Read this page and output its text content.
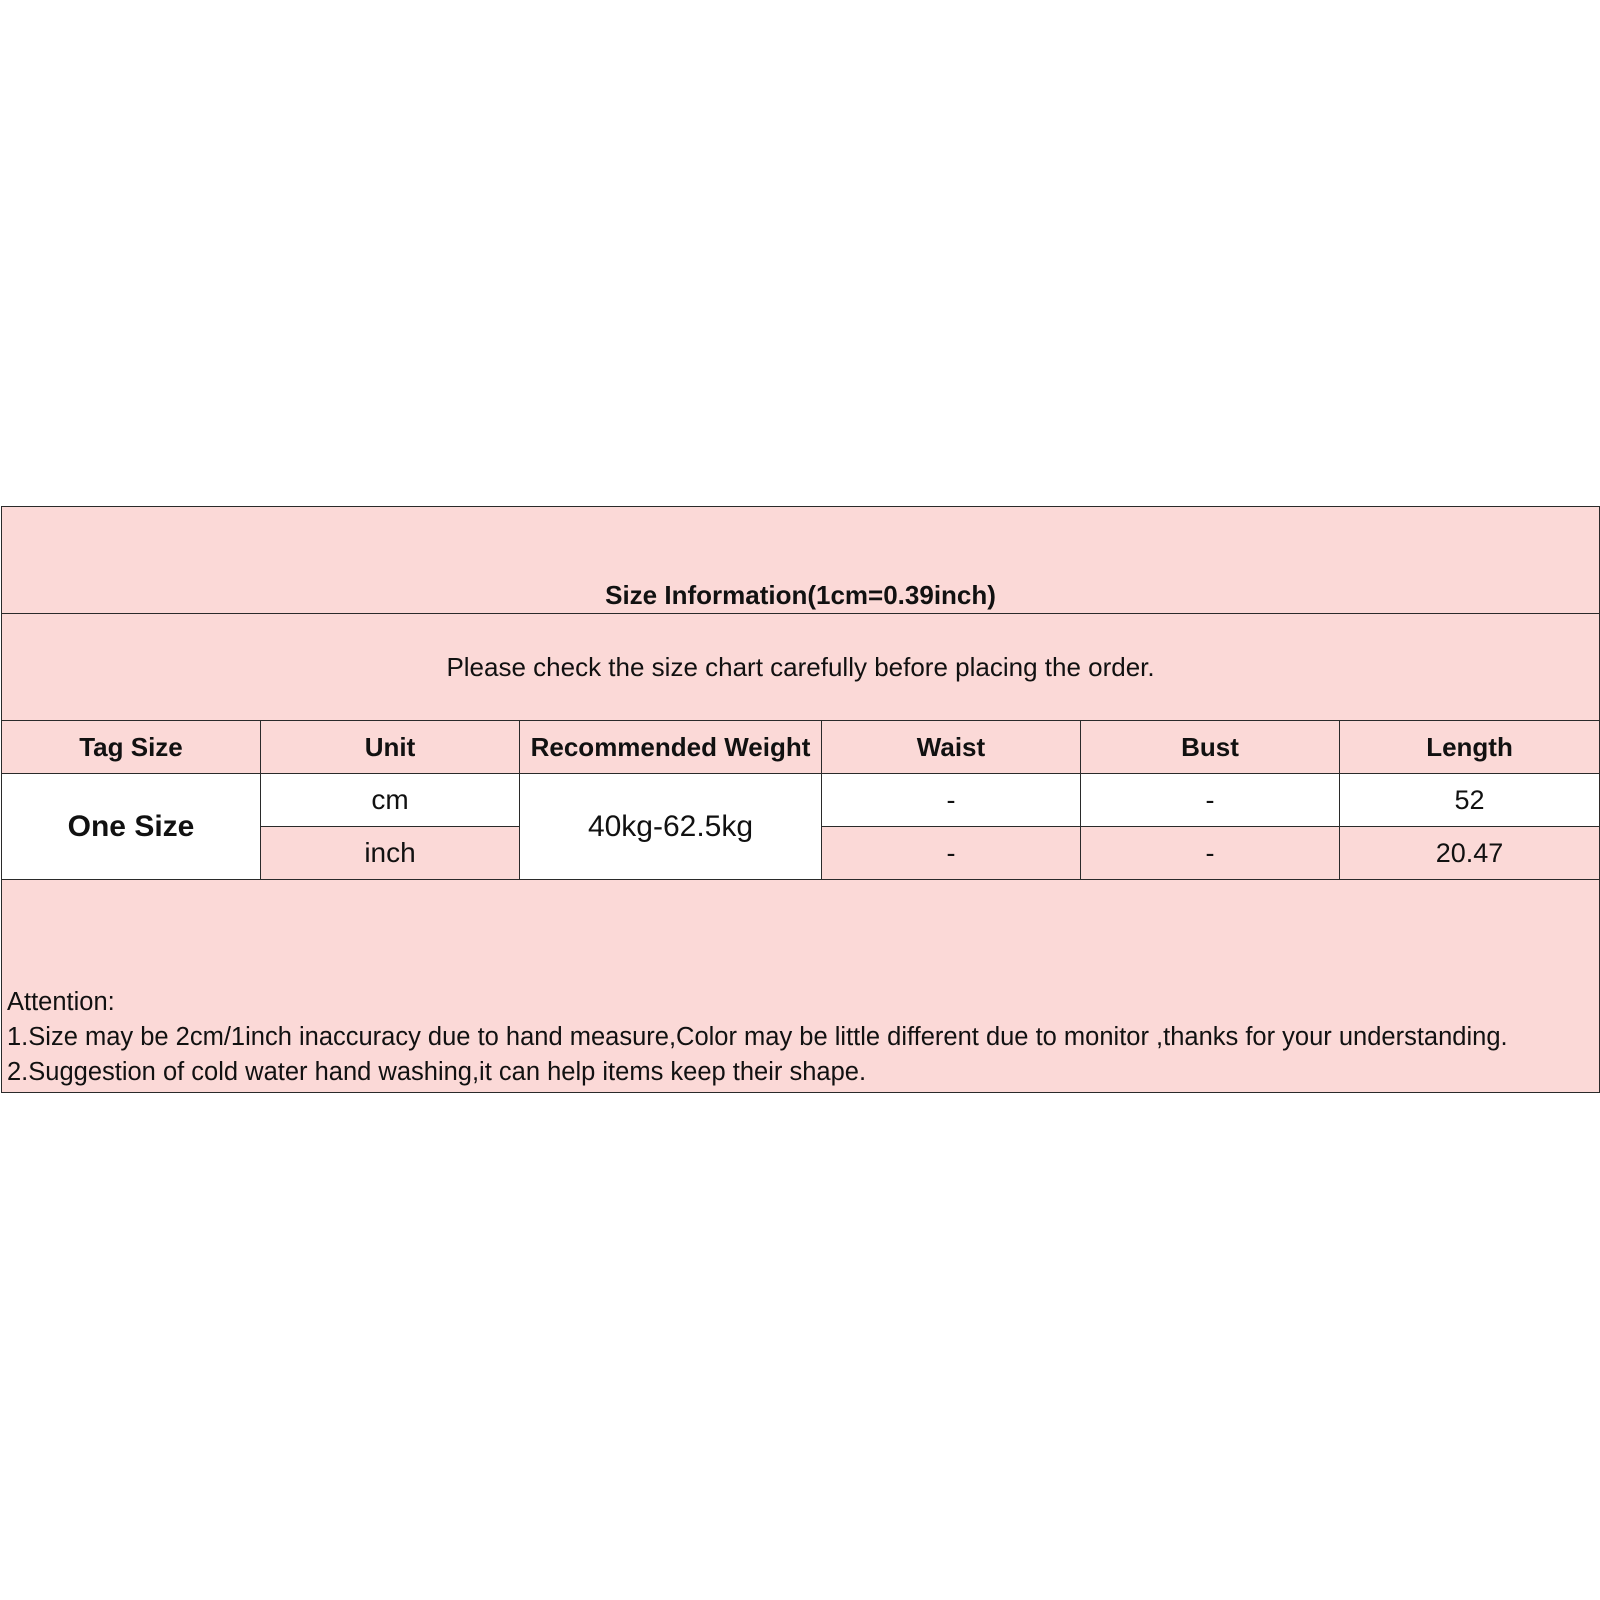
Size Information(1cm=0.39inch)					
Please check the size chart carefully before placing the order.					
Tag Size	Unit	Recommended Weight	Waist	Bust	Length
One Size	cm	40kg-62.5kg	-	-	52
	inch		-	-	20.47

Attention:
1.Size may be 2cm/1inch inaccuracy due to hand measure,Color may be little different due to monitor ,thanks for your understanding.
2.Suggestion of cold water hand washing,it can help items keep their shape.					
